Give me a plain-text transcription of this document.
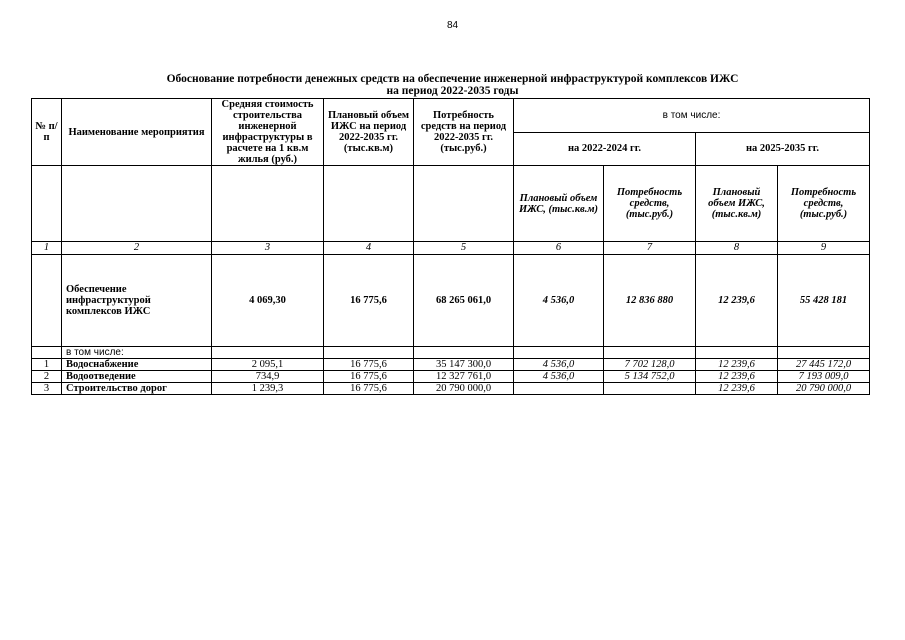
84
Обоснование потребности денежных средств на обеспечение инженерной инфраструктурой комплексов ИЖС
на период 2022-2035 годы
№ п/п	Наименование мероприятия	Средняя стоимость строительства инженерной инфраструктуры в расчете на 1 кв.м жилья (руб.)	Плановый объем ИЖС на период 2022-2035 гг. (тыс.кв.м)	Потребность средств на период 2022-2035 гг. (тыс.руб.)	в том числе:			
					на 2022-2024 гг.		на 2025-2035 гг.	
					Плановый объем ИЖС, (тыс.кв.м)	Потребность средств, (тыс.руб.)	Плановый объем ИЖС, (тыс.кв.м)	Потребность средств, (тыс.руб.)
1	2	3	4	5	6	7	8	9
	Обеспечение инфраструктурой комплексов ИЖС	4 069,30	16 775,6	68 265 061,0	4 536,0	12 836 880	12 239,6	55 428 181
	в том числе:							
1	Водоснабжение	2 095,1	16 775,6	35 147 300,0	4 536,0	7 702 128,0	12 239,6	27 445 172,0
2	Водоотведение	734,9	16 775,6	12 327 761,0	4 536,0	5 134 752,0	12 239,6	7 193 009,0
3	Строительство дорог	1 239,3	16 775,6	20 790 000,0			12 239,6	20 790 000,0
